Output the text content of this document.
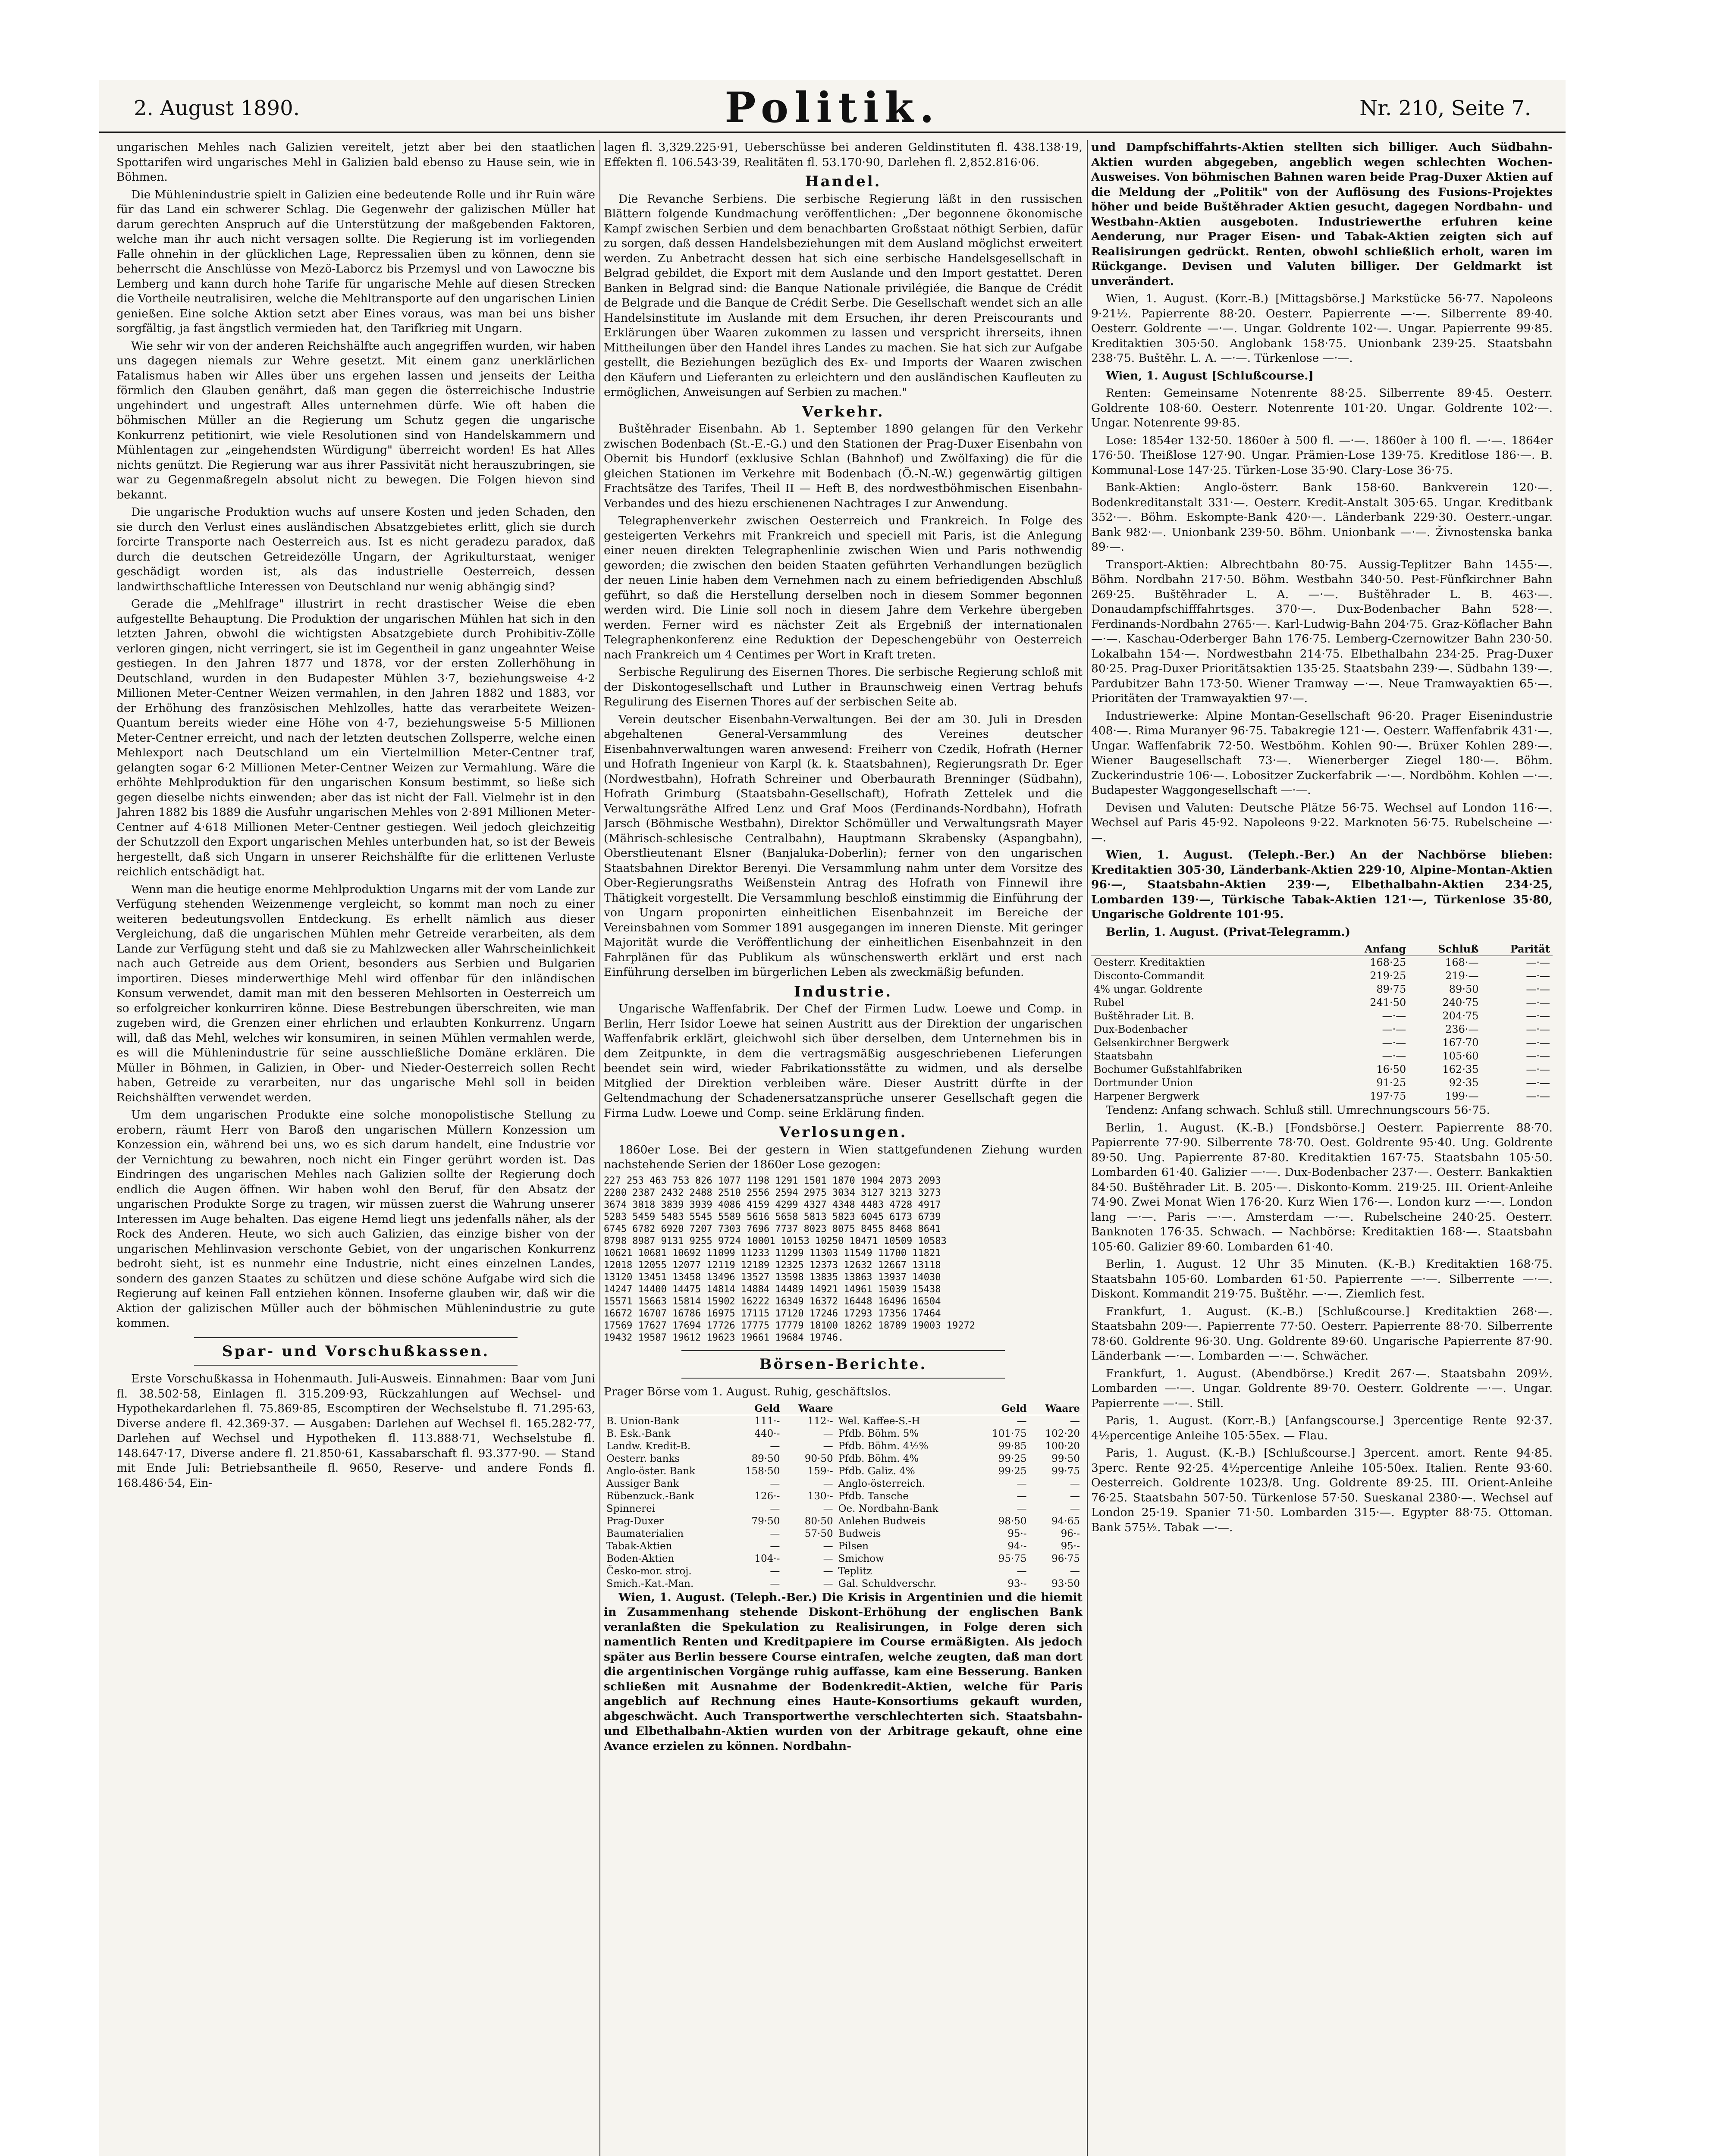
2. August 1890.	Politik.	Nr. 210, Seite 7.

ungarischen Mehles nach Galizien vereitelt, jetzt aber bei den staatlichen Spottarifen wird ungarisches Mehl in Galizien bald ebenso zu Hause sein, wie in Böhmen.

Die Mühlenindustrie spielt in Galizien eine bedeutende Rolle und ihr Ruin wäre für das Land ein schwerer Schlag. Die Gegenwehr der galizischen Müller hat darum gerechten Anspruch auf die Unterstützung der maßgebenden Faktoren, welche man ihr auch nicht versagen sollte. Die Regierung ist im vorliegenden Falle ohnehin in der glücklichen Lage, Repressalien üben zu können, denn sie beherrscht die Anschlüsse von Mezö-Laborcz bis Przemysl und von Lawoczne bis Lemberg und kann durch hohe Tarife für ungarische Mehle auf diesen Strecken die Vortheile neutralisiren, welche die Mehltransporte auf den ungarischen Linien genießen. Eine solche Aktion setzt aber Eines voraus, was man bei uns bisher sorgfältig, ja fast ängstlich vermieden hat, den Tarifkrieg mit Ungarn.

Wie sehr wir von der anderen Reichshälfte auch angegriffen wurden, wir haben uns dagegen niemals zur Wehre gesetzt. Mit einem ganz unerklärlichen Fatalismus haben wir Alles über uns ergehen lassen und jenseits der Leitha förmlich den Glauben genährt, daß man gegen die österreichische Industrie ungehindert und ungestraft Alles unternehmen dürfe. Wie oft haben die böhmischen Müller an die Regierung um Schutz gegen die ungarische Konkurrenz petitionirt, wie viele Resolutionen sind von Handelskammern und Mühlentagen zur „eingehendsten Würdigung" überreicht worden! Es hat Alles nichts genützt. Die Regierung war aus ihrer Passivität nicht herauszubringen, sie war zu Gegenmaßregeln absolut nicht zu bewegen. Die Folgen hievon sind bekannt.

Die ungarische Produktion wuchs auf unsere Kosten und jeden Schaden, den sie durch den Verlust eines ausländischen Absatzgebietes erlitt, glich sie durch forcirte Transporte nach Oesterreich aus. Ist es nicht geradezu paradox, daß durch die deutschen Getreidezölle Ungarn, der Agrikulturstaat, weniger geschädigt worden ist, als das industrielle Oesterreich, dessen landwirthschaftliche Interessen von Deutschland nur wenig abhängig sind?

Gerade die „Mehlfrage" illustrirt in recht drastischer Weise die eben aufgestellte Behauptung. Die Produktion der ungarischen Mühlen hat sich in den letzten Jahren, obwohl die wichtigsten Absatzgebiete durch Prohibitiv-Zölle verloren gingen, nicht verringert, sie ist im Gegentheil in ganz ungeahnter Weise gestiegen. In den Jahren 1877 und 1878, vor der ersten Zollerhöhung in Deutschland, wurden in den Budapester Mühlen 3·7, beziehungsweise 4·2 Millionen Meter-Centner Weizen vermahlen, in den Jahren 1882 und 1883, vor der Erhöhung des französischen Mehlzolles, hatte das verarbeitete Weizen-Quantum bereits wieder eine Höhe von 4·7, beziehungsweise 5·5 Millionen Meter-Centner erreicht, und nach der letzten deutschen Zollsperre, welche einen Mehlexport nach Deutschland um ein Viertelmillion Meter-Centner traf, gelangten sogar 6·2 Millionen Meter-Centner Weizen zur Vermahlung. Wäre die erhöhte Mehlproduktion für den ungarischen Konsum bestimmt, so ließe sich gegen dieselbe nichts einwenden; aber das ist nicht der Fall. Vielmehr ist in den Jahren 1882 bis 1889 die Ausfuhr ungarischen Mehles von 2·891 Millionen Meter-Centner auf 4·618 Millionen Meter-Centner gestiegen. Weil jedoch gleichzeitig der Schutzzoll den Export ungarischen Mehles unterbunden hat, so ist der Beweis hergestellt, daß sich Ungarn in unserer Reichshälfte für die erlittenen Verluste reichlich entschädigt hat.

Wenn man die heutige enorme Mehlproduktion Ungarns mit der vom Lande zur Verfügung stehenden Weizenmenge vergleicht, so kommt man noch zu einer weiteren bedeutungsvollen Entdeckung. Es erhellt nämlich aus dieser Vergleichung, daß die ungarischen Mühlen mehr Getreide verarbeiten, als dem Lande zur Verfügung steht und daß sie zu Mahlzwecken aller Wahrscheinlichkeit nach auch Getreide aus dem Orient, besonders aus Serbien und Bulgarien importiren. Dieses minderwerthige Mehl wird offenbar für den inländischen Konsum verwendet, damit man mit den besseren Mehlsorten in Oesterreich um so erfolgreicher konkurriren könne. Diese Bestrebungen überschreiten, wie man zugeben wird, die Grenzen einer ehrlichen und erlaubten Konkurrenz. Ungarn will, daß das Mehl, welches wir konsumiren, in seinen Mühlen vermahlen werde, es will die Mühlenindustrie für seine ausschließliche Domäne erklären. Die Müller in Böhmen, in Galizien, in Ober- und Nieder-Oesterreich sollen Recht haben, Getreide zu verarbeiten, nur das ungarische Mehl soll in beiden Reichshälften verwendet werden.

Um dem ungarischen Produkte eine solche monopolistische Stellung zu erobern, räumt Herr von Baroß den ungarischen Müllern Konzession um Konzession ein, während bei uns, wo es sich darum handelt, eine Industrie vor der Vernichtung zu bewahren, noch nicht ein Finger gerührt worden ist. Das Eindringen des ungarischen Mehles nach Galizien sollte der Regierung doch endlich die Augen öffnen. Wir haben wohl den Beruf, für den Absatz der ungarischen Produkte Sorge zu tragen, wir müssen zuerst die Wahrung unserer Interessen im Auge behalten. Das eigene Hemd liegt uns jedenfalls näher, als der Rock des Anderen. Heute, wo sich auch Galizien, das einzige bisher von der ungarischen Mehlinvasion verschonte Gebiet, von der ungarischen Konkurrenz bedroht sieht, ist es nunmehr eine Industrie, nicht eines einzelnen Landes, sondern des ganzen Staates zu schützen und diese schöne Aufgabe wird sich die Regierung auf keinen Fall entziehen können. Insoferne glauben wir, daß wir die Aktion der galizischen Müller auch der böhmischen Mühlenindustrie zu gute kommen.

Spar- und Vorschußkassen.

Erste Vorschußkassa in Hohenmauth. Juli-Ausweis. Einnahmen: Baar vom Juni fl. 38.502·58, Einlagen fl. 315.209·93, Rückzahlungen auf Wechsel- und Hypothekardarlehen fl. 75.869·85, Escomptiren der Wechselstube fl. 71.295·63, Diverse andere fl. 42.369·37. — Ausgaben: Darlehen auf Wechsel fl. 165.282·77, Darlehen auf Wechsel und Hypotheken fl. 113.888·71, Wechselstube fl. 148.647·17, Diverse andere fl. 21.850·61, Kassabarschaft fl. 93.377·90. — Stand mit Ende Juli: Betriebsantheile fl. 9650, Reserve- und andere Fonds fl. 168.486·54, Ein-

lagen fl. 3,329.225·91, Ueberschüsse bei anderen Geldinstituten fl. 438.138·19, Effekten fl. 106.543·39, Realitäten fl. 53.170·90, Darlehen fl. 2,852.816·06.

Handel.

Die Revanche Serbiens. Die serbische Regierung läßt in den russischen Blättern folgende Kundmachung veröffentlichen: „Der begonnene ökonomische Kampf zwischen Serbien und dem benachbarten Großstaat nöthigt Serbien, dafür zu sorgen, daß dessen Handelsbeziehungen mit dem Ausland möglichst erweitert werden. Zu Anbetracht dessen hat sich eine serbische Handelsgesellschaft in Belgrad gebildet, die Export mit dem Auslande und den Import gestattet. Deren Banken in Belgrad sind: die Banque Nationale privilégiée, die Banque de Crédit de Belgrade und die Banque de Crédit Serbe. Die Gesellschaft wendet sich an alle Handelsinstitute im Auslande mit dem Ersuchen, ihr deren Preiscourants und Erklärungen über Waaren zukommen zu lassen und verspricht ihrerseits, ihnen Mittheilungen über den Handel ihres Landes zu machen. Sie hat sich zur Aufgabe gestellt, die Beziehungen bezüglich des Ex- und Imports der Waaren zwischen den Käufern und Lieferanten zu erleichtern und den ausländischen Kaufleuten zu ermöglichen, Anweisungen auf Serbien zu machen."

Verkehr.

Buštěhrader Eisenbahn. Ab 1. September 1890 gelangen für den Verkehr zwischen Bodenbach (St.-E.-G.) und den Stationen der Prag-Duxer Eisenbahn von Obernit bis Hundorf (exklusive Schlan (Bahnhof) und Zwölfaxing) die für die gleichen Stationen im Verkehre mit Bodenbach (Ö.-N.-W.) gegenwärtig giltigen Frachtsätze des Tarifes, Theil II — Heft B, des nordwestböhmischen Eisenbahn-Verbandes und des hiezu erschienenen Nachtrages I zur Anwendung.

Telegraphenverkehr zwischen Oesterreich und Frankreich. In Folge des gesteigerten Verkehrs mit Frankreich und speciell mit Paris, ist die Anlegung einer neuen direkten Telegraphenlinie zwischen Wien und Paris nothwendig geworden; die zwischen den beiden Staaten geführten Verhandlungen bezüglich der neuen Linie haben dem Vernehmen nach zu einem befriedigenden Abschluß geführt, so daß die Herstellung derselben noch in diesem Sommer begonnen werden wird. Die Linie soll noch in diesem Jahre dem Verkehre übergeben werden. Ferner wird es nächster Zeit als Ergebniß der internationalen Telegraphenkonferenz eine Reduktion der Depeschengebühr von Oesterreich nach Frankreich um 4 Centimes per Wort in Kraft treten.

Serbische Regulirung des Eisernen Thores. Die serbische Regierung schloß mit der Diskontogesellschaft und Luther in Braunschweig einen Vertrag behufs Regulirung des Eisernen Thores auf der serbischen Seite ab.

Verein deutscher Eisenbahn-Verwaltungen. Bei der am 30. Juli in Dresden abgehaltenen General-Versammlung des Vereines deutscher Eisenbahnverwaltungen waren anwesend: Freiherr von Czedik, Hofrath (Herner und Hofrath Ingenieur von Karpl (k. k. Staatsbahnen), Regierungsrath Dr. Eger (Nordwestbahn), Hofrath Schreiner und Oberbaurath Brenninger (Südbahn), Hofrath Grimburg (Staatsbahn-Gesellschaft), Hofrath Zettelek und die Verwaltungsräthe Alfred Lenz und Graf Moos (Ferdinands-Nordbahn), Hofrath Jarsch (Böhmische Westbahn), Direktor Schömüller und Verwaltungsrath Mayer (Mährisch-schlesische Centralbahn), Hauptmann Skrabensky (Aspangbahn), Oberstlieutenant Elsner (Banjaluka-Doberlin); ferner von den ungarischen Staatsbahnen Direktor Berenyi. Die Versammlung nahm unter dem Vorsitze des Ober-Regierungsraths Weißenstein Antrag des Hofrath von Finnewil ihre Thätigkeit vorgestellt. Die Versammlung beschloß einstimmig die Einführung der von Ungarn proponirten einheitlichen Eisenbahnzeit im Bereiche der Vereinsbahnen vom Sommer 1891 ausgegangen im inneren Dienste. Mit geringer Majorität wurde die Veröffentlichung der einheitlichen Eisenbahnzeit in den Fahrplänen für das Publikum als wünschenswerth erklärt und erst nach Einführung derselben im bürgerlichen Leben als zweckmäßig befunden.

Industrie.

Ungarische Waffenfabrik. Der Chef der Firmen Ludw. Loewe und Comp. in Berlin, Herr Isidor Loewe hat seinen Austritt aus der Direktion der ungarischen Waffenfabrik erklärt, gleichwohl sich über derselben, dem Unternehmen bis in dem Zeitpunkte, in dem die vertragsmäßig ausgeschriebenen Lieferungen beendet sein wird, wieder Fabrikationsstätte zu widmen, und als derselbe Mitglied der Direktion verbleiben wäre. Dieser Austritt dürfte in der Geltendmachung der Schadenersatzansprüche unserer Gesellschaft gegen die Firma Ludw. Loewe und Comp. seine Erklärung finden.

Verlosungen.

1860er Lose. Bei der gestern in Wien stattgefundenen Ziehung wurden nachstehende Serien der 1860er Lose gezogen:

227 253 463 753 826 1077 1198 1291 1501 1870 1904 2073 2093
2280 2387 2432 2488 2510 2556 2594 2975 3034 3127 3213 3273
3674 3818 3839 3939 4086 4159 4299 4327 4348 4483 4728 4917
5283 5459 5483 5545 5589 5616 5658 5813 5823 6045 6173 6739
6745 6782 6920 7207 7303 7696 7737 8023 8075 8455 8468 8641
8798 8987 9131 9255 9724 10001 10153 10250 10471 10509 10583
10621 10681 10692 11099 11233 11299 11303 11549 11700 11821
12018 12055 12077 12119 12189 12325 12373 12632 12667 13118
13120 13451 13458 13496 13527 13598 13835 13863 13937 14030
14247 14400 14475 14814 14884 14489 14921 14961 15039 15438
15571 15663 15814 15902 16222 16349 16372 16448 16496 16504
16672 16707 16786 16975 17115 17120 17246 17293 17356 17464
17569 17627 17694 17726 17775 17779 18100 18262 18789 19003 19272
19432 19587 19612 19623 19661 19684 19746.
Börsen-Berichte.

Prager Börse vom 1. August. Ruhig, geschäftslos.

	Geld	Waare		Geld	Waare
B. Union-Bank	111·-	112·-	Wel. Kaffee-S.-H	—	—
B. Esk.-Bank	440·-	—	Pfdb. Böhm. 5%	101·75	102·20
Landw. Kredit-B.	—	—	Pfdb. Böhm. 4½%	99·85	100·20
Oesterr. banks	89·50	90·50	Pfdb. Böhm. 4%	99·25	99·50
Anglo-öster. Bank	158·50	159·-	Pfdb. Galiz. 4%	99·25	99·75
Aussiger Bank	—	—	Anglo-österreich.	—	—
Rübenzuck.-Bank	126·-	130·-	Pfdb. Tansche	—	—
Spinnerei	—	—	Oe. Nordbahn-Bank	—	—
Prag-Duxer	79·50	80·50	Anlehen Budweis	98·50	94·65
Baumaterialien	—	57·50	Budweis	95·-	96·-
Tabak-Aktien	—	—	Pilsen	94·-	95·-
Boden-Aktien	104·-	—	Smichow	95·75	96·75
Česko-mor. stroj.	—	—	Teplitz	—	—
Smich.-Kat.-Man.	—	—	Gal. Schuldverschr.	93·-	93·50

Wien, 1. August. (Teleph.-Ber.) Die Krisis in Argentinien und die hiemit in Zusammenhang stehende Diskont-Erhöhung der englischen Bank veranlaßten die Spekulation zu Realisirungen, in Folge deren sich namentlich Renten und Kreditpapiere im Course ermäßigten. Als jedoch später aus Berlin bessere Course eintrafen, welche zeugten, daß man dort die argentinischen Vorgänge ruhig auffasse, kam eine Besserung. Banken schließen mit Ausnahme der Bodenkredit-Aktien, welche für Paris angeblich auf Rechnung eines Haute-Konsortiums gekauft wurden, abgeschwächt. Auch Transportwerthe verschlechterten sich. Staatsbahn- und Elbethalbahn-Aktien wurden von der Arbitrage gekauft, ohne eine Avance erzielen zu können. Nordbahn-

und Dampfschiffahrts-Aktien stellten sich billiger. Auch Südbahn-Aktien wurden abgegeben, angeblich wegen schlechten Wochen-Ausweises. Von böhmischen Bahnen waren beide Prag-Duxer Aktien auf die Meldung der „Politik" von der Auflösung des Fusions-Projektes höher und beide Buštěhrader Aktien gesucht, dagegen Nordbahn- und Westbahn-Aktien ausgeboten. Industriewerthe erfuhren keine Aenderung, nur Prager Eisen- und Tabak-Aktien zeigten sich auf Realisirungen gedrückt. Renten, obwohl schließlich erholt, waren im Rückgange. Devisen und Valuten billiger. Der Geldmarkt ist unverändert.

Wien, 1. August. (Korr.-B.) [Mittagsbörse.] Markstücke 56·77. Napoleons 9·21½. Papierrente 88·20. Oesterr. Papierrente —·—. Silberrente 89·40. Oesterr. Goldrente —·—. Ungar. Goldrente 102·—. Ungar. Papierrente 99·85. Kreditaktien 305·50. Anglobank 158·75. Unionbank 239·25. Staatsbahn 238·75. Buštěhr. L. A. —·—. Türkenlose —·—.

Wien, 1. August [Schlußcourse.]

Renten: Gemeinsame Notenrente 88·25. Silberrente 89·45. Oesterr. Goldrente 108·60. Oesterr. Notenrente 101·20. Ungar. Goldrente 102·—. Ungar. Notenrente 99·85.

Lose: 1854er 132·50. 1860er à 500 fl. —·—. 1860er à 100 fl. —·—. 1864er 176·50. Theißlose 127·90. Ungar. Prämien-Lose 139·75. Kreditlose 186·—. B. Kommunal-Lose 147·25. Türken-Lose 35·90. Clary-Lose 36·75.

Bank-Aktien: Anglo-österr. Bank 158·60. Bankverein 120·—. Bodenkreditanstalt 331·—. Oesterr. Kredit-Anstalt 305·65. Ungar. Kreditbank 352·—. Böhm. Eskompte-Bank 420·—. Länderbank 229·30. Oesterr.-ungar. Bank 982·—. Unionbank 239·50. Böhm. Unionbank —·—. Živnostenska banka 89·—.

Transport-Aktien: Albrechtbahn 80·75. Aussig-Teplitzer Bahn 1455·—. Böhm. Nordbahn 217·50. Böhm. Westbahn 340·50. Pest-Fünfkirchner Bahn 269·25. Buštěhrader L. A. —·—. Buštěhrader L. B. 463·—. Donaudampfschifffahrtsges. 370·—. Dux-Bodenbacher Bahn 528·—. Ferdinands-Nordbahn 2765·—. Karl-Ludwig-Bahn 204·75. Graz-Köflacher Bahn —·—. Kaschau-Oderberger Bahn 176·75. Lemberg-Czernowitzer Bahn 230·50. Lokalbahn 154·—. Nordwestbahn 214·75. Elbethalbahn 234·25. Prag-Duxer 80·25. Prag-Duxer Prioritätsaktien 135·25. Staatsbahn 239·—. Südbahn 139·—. Pardubitzer Bahn 173·50. Wiener Tramway —·—. Neue Tramwayaktien 65·—. Prioritäten der Tramwayaktien 97·—.

Industriewerke: Alpine Montan-Gesellschaft 96·20. Prager Eisenindustrie 408·—. Rima Muranyer 96·75. Tabakregie 121·—. Oesterr. Waffenfabrik 431·—. Ungar. Waffenfabrik 72·50. Westböhm. Kohlen 90·—. Brüxer Kohlen 289·—. Wiener Baugesellschaft 73·—. Wienerberger Ziegel 180·—. Böhm. Zuckerindustrie 106·—. Lobositzer Zuckerfabrik —·—. Nordböhm. Kohlen —·—. Budapester Waggongesellschaft —·—.

Devisen und Valuten: Deutsche Plätze 56·75. Wechsel auf London 116·—. Wechsel auf Paris 45·92. Napoleons 9·22. Marknoten 56·75. Rubelscheine —·—.

Wien, 1. August. (Teleph.-Ber.) An der Nachbörse blieben: Kreditaktien 305·30, Länderbank-Aktien 229·10, Alpine-Montan-Aktien 96·—, Staatsbahn-Aktien 239·—, Elbethalbahn-Aktien 234·25, Lombarden 139·—, Türkische Tabak-Aktien 121·—, Türkenlose 35·80, Ungarische Goldrente 101·95.

Berlin, 1. August. (Privat-Telegramm.)

	Anfang	Schluß	Parität
Oesterr. Kreditaktien	168·25	168·—	—·—
Disconto-Commandit	219·25	219·—	—·—
4% ungar. Goldrente	89·75	89·50	—·—
Rubel	241·50	240·75	—·—
Buštěhrader Lit. B.	—·—	204·75	—·—
Dux-Bodenbacher	—·—	236·—	—·—
Gelsenkirchner Bergwerk	—·—	167·70	—·—
Staatsbahn	—·—	105·60	—·—
Bochumer Gußstahlfabriken	16·50	162·35	—·—
Dortmunder Union	91·25	92·35	—·—
Harpener Bergwerk	197·75	199·—	—·—

Tendenz: Anfang schwach. Schluß still. Umrechnungscours 56·75.

Berlin, 1. August. (K.-B.) [Fondsbörse.] Oesterr. Papierrente 88·70. Papierrente 77·90. Silberrente 78·70. Oest. Goldrente 95·40. Ung. Goldrente 89·50. Ung. Papierrente 87·80. Kreditaktien 167·75. Staatsbahn 105·50. Lombarden 61·40. Galizier —·—. Dux-Bodenbacher 237·—. Oesterr. Bankaktien 84·50. Buštěhrader Lit. B. 205·—. Diskonto-Komm. 219·25. III. Orient-Anleihe 74·90. Zwei Monat Wien 176·20. Kurz Wien 176·—. London kurz —·—. London lang —·—. Paris —·—. Amsterdam —·—. Rubelscheine 240·25. Oesterr. Banknoten 176·35. Schwach. — Nachbörse: Kreditaktien 168·—. Staatsbahn 105·60. Galizier 89·60. Lombarden 61·40.

Berlin, 1. August. 12 Uhr 35 Minuten. (K.-B.) Kreditaktien 168·75. Staatsbahn 105·60. Lombarden 61·50. Papierrente —·—. Silberrente —·—. Diskont. Kommandit 219·75. Buštěhr. —·—. Ziemlich fest.

Frankfurt, 1. August. (K.-B.) [Schlußcourse.] Kreditaktien 268·—. Staatsbahn 209·—. Papierrente 77·50. Oesterr. Papierrente 88·70. Silberrente 78·60. Goldrente 96·30. Ung. Goldrente 89·60. Ungarische Papierrente 87·90. Länderbank —·—. Lombarden —·—. Schwächer.

Frankfurt, 1. August. (Abendbörse.) Kredit 267·—. Staatsbahn 209½. Lombarden —·—. Ungar. Goldrente 89·70. Oesterr. Goldrente —·—. Ungar. Papierrente —·—. Still.

Paris, 1. August. (Korr.-B.) [Anfangscourse.] 3percentige Rente 92·37. 4½percentige Anleihe 105·55ex. — Flau.

Paris, 1. August. (K.-B.) [Schlußcourse.] 3percent. amort. Rente 94·85. 3perc. Rente 92·25. 4½percentige Anleihe 105·50ex. Italien. Rente 93·60. Oesterreich. Goldrente 1023/8. Ung. Goldrente 89·25. III. Orient-Anleihe 76·25. Staatsbahn 507·50. Türkenlose 57·50. Sueskanal 2380·—. Wechsel auf London 25·19. Spanier 71·50. Lombarden 315·—. Egypter 88·75. Ottoman. Bank 575½. Tabak —·—.
